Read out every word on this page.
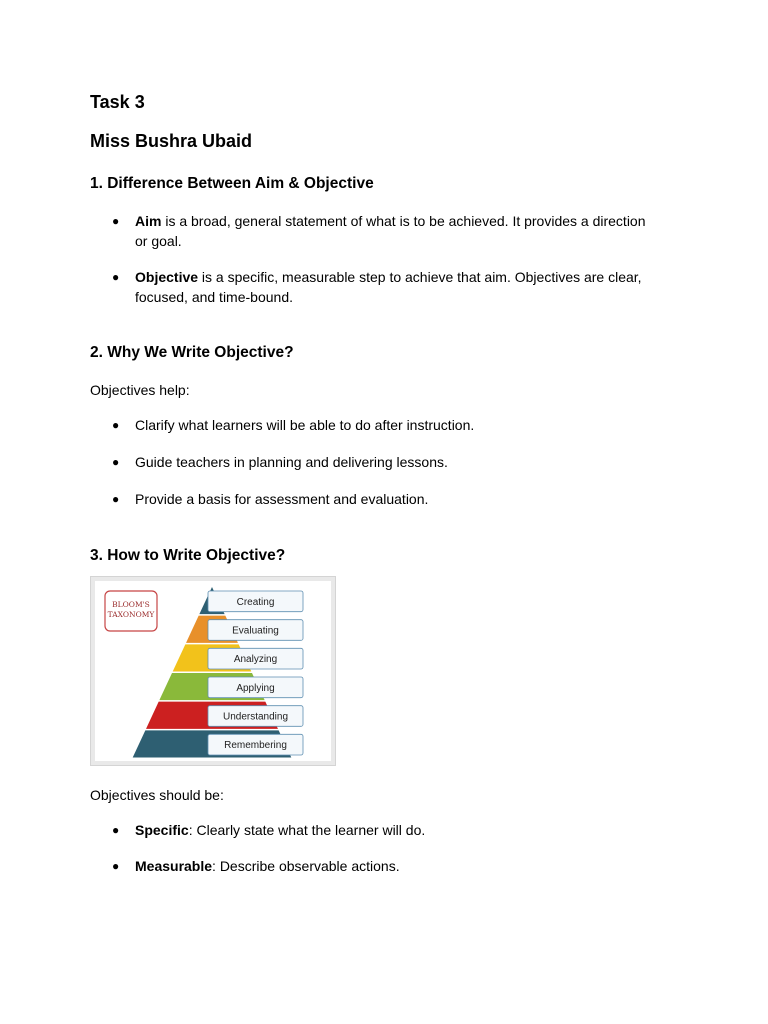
Task 3
Miss Bushra Ubaid
1. Difference Between Aim & Objective
● Aim is a broad, general statement of what is to be achieved. It provides a direction or goal.
● Objective is a specific, measurable step to achieve that aim. Objectives are clear, focused, and time-bound.
2. Why We Write Objective?

Objectives help:

● Clarify what learners will be able to do after instruction.
● Guide teachers in planning and delivering lessons.
● Provide a basis for assessment and evaluation.
3. How to Write Objective?
BLOOM'S
TAXONOMY
Creating
Evaluating
Analyzing
Applying
Understanding
Remembering

Objectives should be:

● Specific: Clearly state what the learner will do.
● Measurable: Describe observable actions.
